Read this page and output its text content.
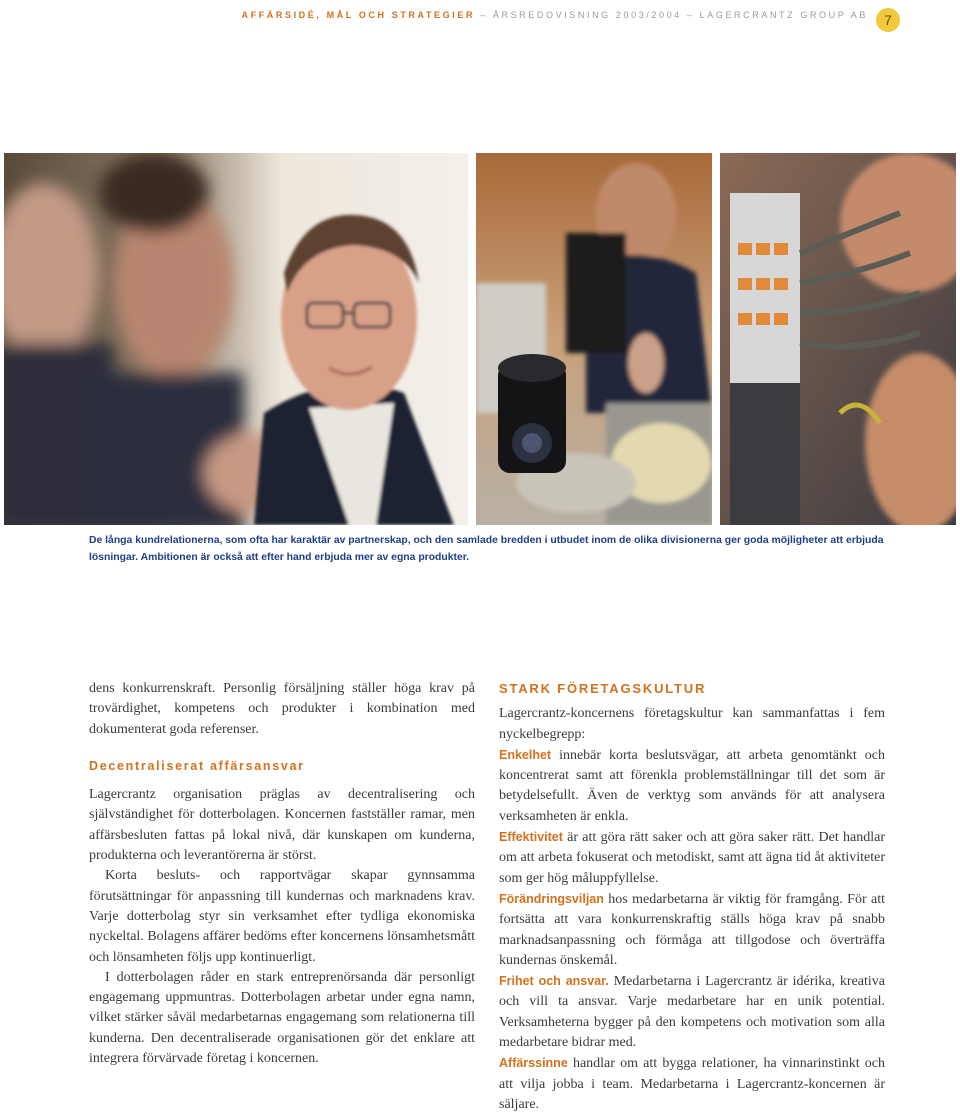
AFFÄRSIDÉ, MÅL OCH STRATEGIER – ÅRSREDOVISNING 2003/2004 – LAGERCRANTZ GROUP AB	7
De långa kundrelationerna, som ofta har karaktär av partnerskap, och den samlade bredden i utbudet inom de olika divisionerna ger goda möjligheter att erbjuda lösningar. Ambitionen är också att efter hand erbjuda mer av egna produkter.

dens konkurrenskraft. Personlig försäljning ställer höga krav på trovärdighet, kompetens och produkter i kombination med dokumenterat goda referenser.

Decentraliserat affärsansvar

Lagercrantz organisation präglas av decentralisering och självständighet för dotterbolagen. Koncernen fastställer ramar, men affärsbesluten fattas på lokal nivå, där kunskapen om kunderna, produkterna och leverantörerna är störst.

Korta besluts- och rapportvägar skapar gynnsamma förutsättningar för anpassning till kundernas och marknadens krav. Varje dotterbolag styr sin verksamhet efter tydliga ekonomiska nyckeltal. Bolagens affärer bedöms efter koncernens lönsamhetsmått och lönsamheten följs upp kontinuerligt.

I dotterbolagen råder en stark entreprenörsanda där personligt engagemang uppmuntras. Dotterbolagen arbetar under egna namn, vilket stärker såväl medarbetarnas engagemang som relationerna till kunderna. Den decentraliserade organisationen gör det enklare att integrera förvärvade företag i koncernen.

STARK FÖRETAGSKULTUR

Lagercrantz-koncernens företagskultur kan sammanfattas i fem nyckelbegrepp:

Enkelhet innebär korta beslutsvägar, att arbeta genomtänkt och koncentrerat samt att förenkla problemställningar till det som är betydelsefullt. Även de verktyg som används för att analysera verksamheten är enkla.

Effektivitet är att göra rätt saker och att göra saker rätt. Det handlar om att arbeta fokuserat och metodiskt, samt att ägna tid åt aktiviteter som ger hög måluppfyllelse.

Förändringsviljan hos medarbetarna är viktig för framgång. För att fortsätta att vara konkurrenskraftig ställs höga krav på snabb marknadsanpassning och förmåga att tillgodose och överträffa kundernas önskemål.

Frihet och ansvar. Medarbetarna i Lagercrantz är idérika, kreativa och vill ta ansvar. Varje medarbetare har en unik potential. Verksamheterna bygger på den kompetens och motivation som alla medarbetare bidrar med.

Affärssinne handlar om att bygga relationer, ha vinnarinstinkt och att vilja jobba i team. Medarbetarna i Lagercrantz-koncernen är säljare.
